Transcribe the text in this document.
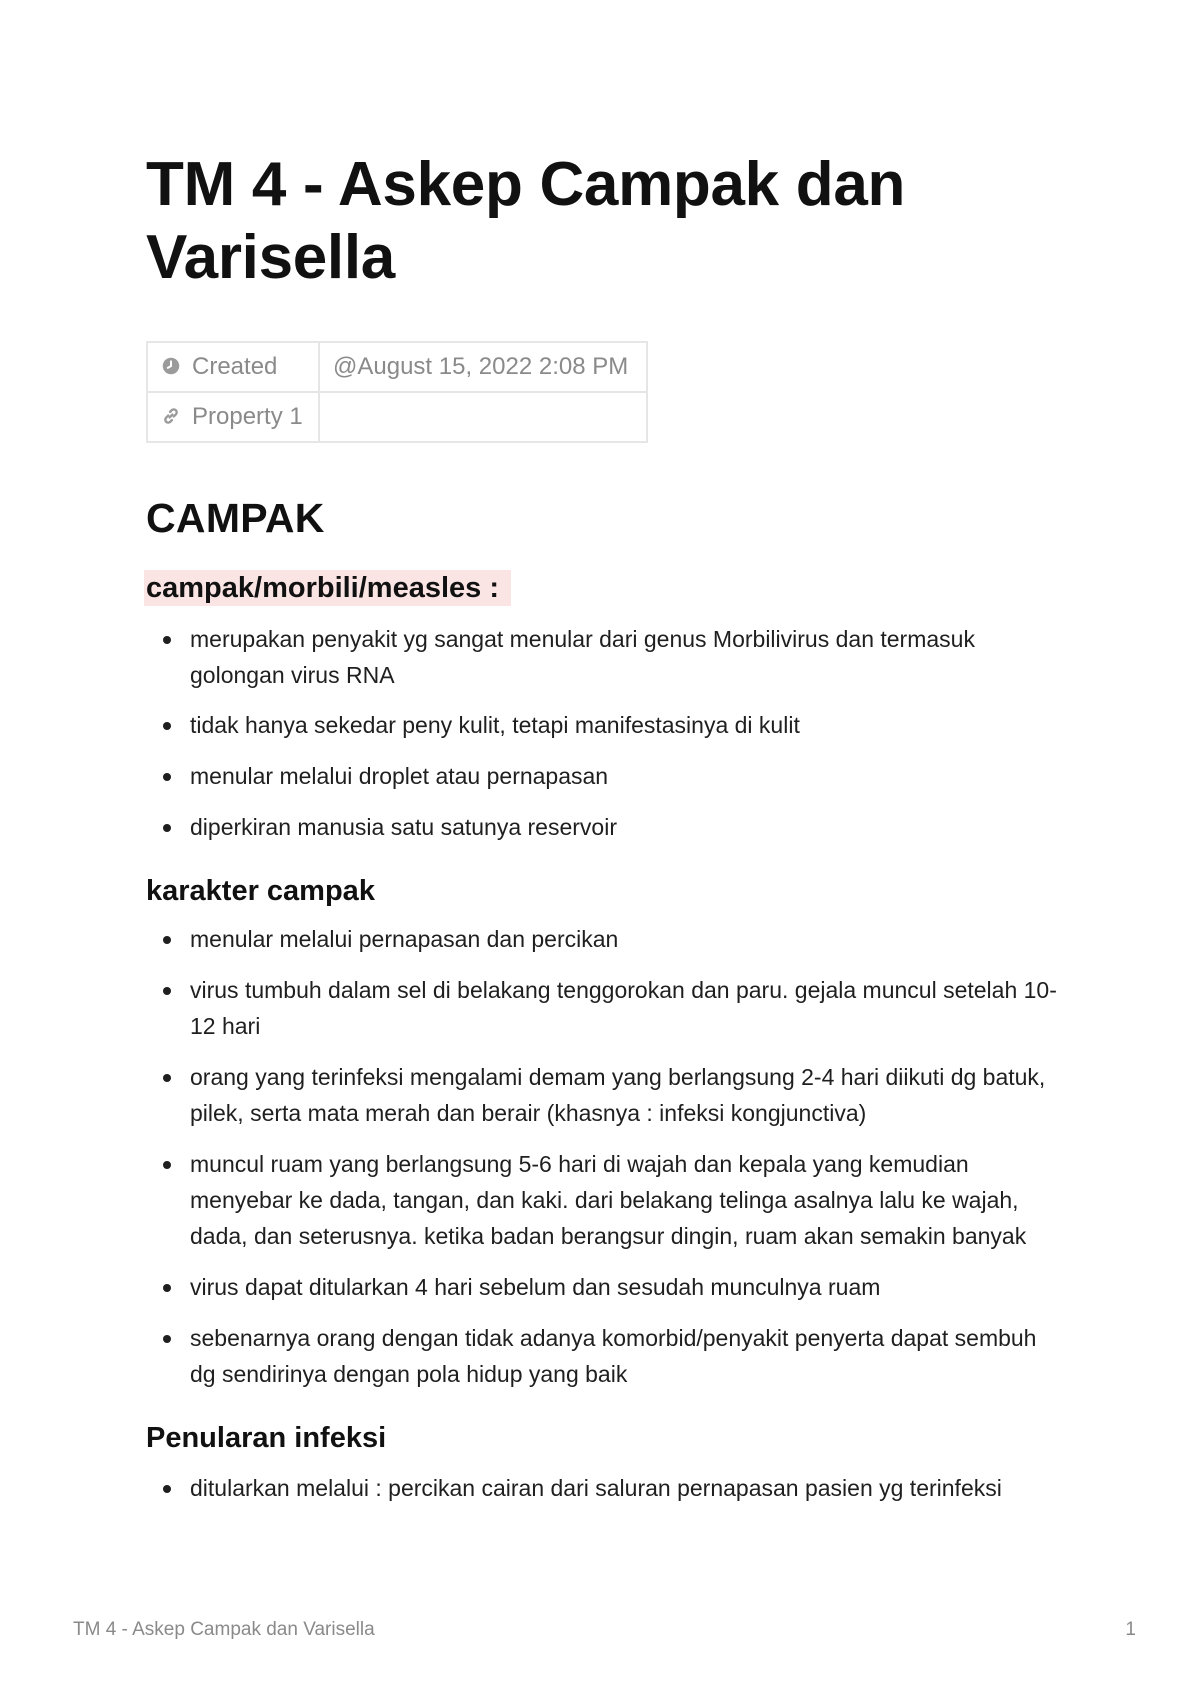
TM 4 - Askep Campak dan Varisella
Created	@August 15, 2022 2:08 PM
Property 1	
CAMPAK
campak/morbili/measles :
merupakan penyakit yg sangat menular dari genus Morbilivirus dan termasuk golongan virus RNA
tidak hanya sekedar peny kulit, tetapi manifestasinya di kulit
menular melalui droplet atau pernapasan
diperkiran manusia satu satunya reservoir
karakter campak
menular melalui pernapasan dan percikan
virus tumbuh dalam sel di belakang tenggorokan dan paru. gejala muncul setelah 10-12 hari
orang yang terinfeksi mengalami demam yang berlangsung 2-4 hari diikuti dg batuk, pilek, serta mata merah dan berair (khasnya : infeksi kongjunctiva)
muncul ruam yang berlangsung 5-6 hari di wajah dan kepala yang kemudian menyebar ke dada, tangan, dan kaki. dari belakang telinga asalnya lalu ke wajah, dada, dan seterusnya. ketika badan berangsur dingin, ruam akan semakin banyak
virus dapat ditularkan 4 hari sebelum dan sesudah munculnya ruam
sebenarnya orang dengan tidak adanya komorbid/penyakit penyerta dapat sembuh dg sendirinya dengan pola hidup yang baik
Penularan infeksi
ditularkan melalui : percikan cairan dari saluran pernapasan pasien yg terinfeksi
TM 4 - Askep Campak dan Varisella	1
